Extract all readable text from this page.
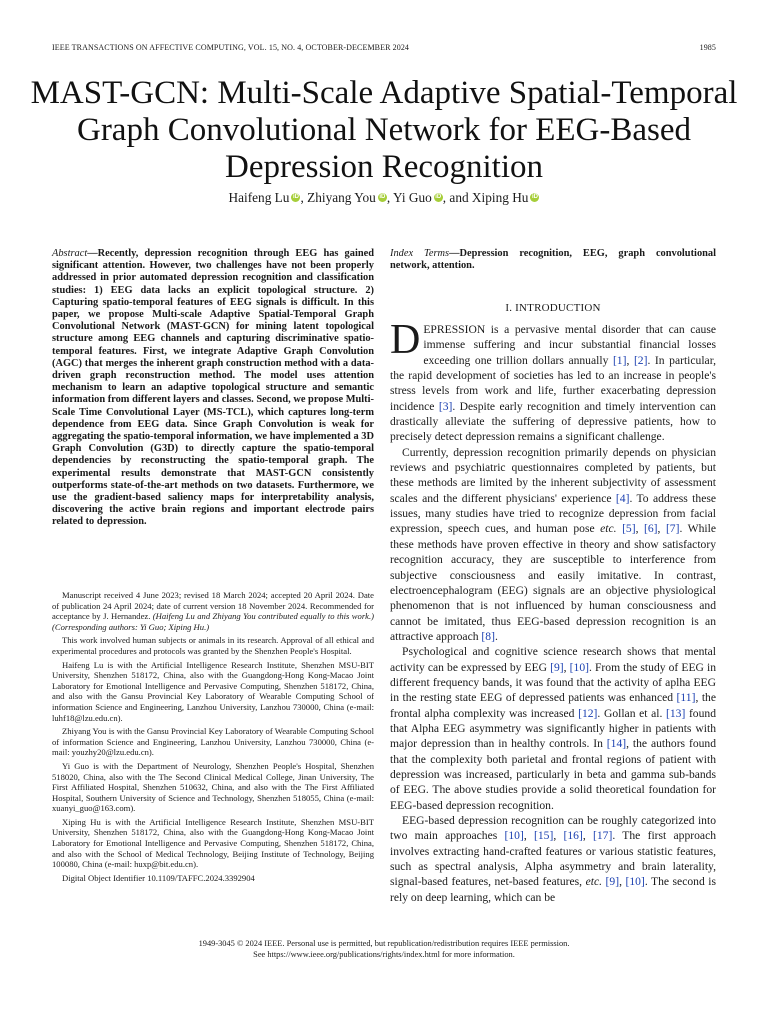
IEEE TRANSACTIONS ON AFFECTIVE COMPUTING, VOL. 15, NO. 4, OCTOBER-DECEMBER 2024	1985
MAST-GCN: Multi-Scale Adaptive Spatial-Temporal
Graph Convolutional Network for EEG-Based
Depression Recognition
Haifeng Lu iD , Zhiyang You iD , Yi Guo iD , and Xiping Hu iD
Abstract—Recently, depression recognition through EEG has gained significant attention. However, two challenges have not been properly addressed in prior automated depression recognition and classification studies: 1) EEG data lacks an explicit topological structure. 2) Capturing spatio-temporal features of EEG signals is difficult. In this paper, we propose Multi-scale Adaptive Spatial-Temporal Graph Convolutional Network (MAST-GCN) for mining latent topological structure among EEG channels and capturing discriminative spatio-temporal features. First, we integrate Adaptive Graph Convolution (AGC) that merges the inherent graph construction method with a data-driven graph reconstruction method. The model uses attention mechanism to learn an adaptive topological structure and semantic information from different layers and classes. Second, we propose Multi-Scale Time Convolutional Layer (MS-TCL), which captures long-term dependence from EEG data. Since Graph Convolution is weak for aggregating the spatio-temporal information, we have implemented a 3D Graph Convolution (G3D) to directly capture the spatio-temporal dependencies by reconstructing the spatio-temporal graph. The experimental results demonstrate that MAST-GCN consistently outperforms state-of-the-art methods on two datasets. Furthermore, we use the gradient-based saliency maps for interpretability analysis, discovering the active brain regions and important electrode pairs related to depression.
Index Terms—Depression recognition, EEG, graph convolutional network, attention.

Manuscript received 4 June 2023; revised 18 March 2024; accepted 20 April 2024. Date of publication 24 April 2024; date of current version 18 November 2024. Recommended for acceptance by J. Hernandez. (Haifeng Lu and Zhiyang You contributed equally to this work.) (Corresponding authors: Yi Guo; Xiping Hu.)

This work involved human subjects or animals in its research. Approval of all ethical and experimental procedures and protocols was granted by the Shenzhen People's Hospital.

Haifeng Lu is with the Artificial Intelligence Research Institute, Shenzhen MSU-BIT University, Shenzhen 518172, China, also with the Guangdong-Hong Kong-Macao Joint Laboratory for Emotional Intelligence and Pervasive Computing, Shenzhen 518172, China, and also with the Gansu Provincial Key Laboratory of Wearable Computing School of information Science and Engineering, Lanzhou University, Lanzhou 730000, China (e-mail: luhf18@lzu.edu.cn).

Zhiyang You is with the Gansu Provincial Key Laboratory of Wearable Computing School of information Science and Engineering, Lanzhou University, Lanzhou 730000, China (e-mail: youzhy20@lzu.edu.cn).

Yi Guo is with the Department of Neurology, Shenzhen People's Hospital, Shenzhen 518020, China, also with the The Second Clinical Medical College, Jinan University, The First Affiliated Hospital, Shenzhen 510632, China, and also with the The First Affiliated Hospital, Southern University of Science and Technology, Shenzhen 518055, China (e-mail: xuanyi_guo@163.com).

Xiping Hu is with the Artificial Intelligence Research Institute, Shenzhen MSU-BIT University, Shenzhen 518172, China, also with the Guangdong-Hong Kong-Macao Joint Laboratory for Emotional Intelligence and Pervasive Computing, Shenzhen 518172, China, and also with the School of Medical Technology, Beijing Institute of Technology, Beijing 100080, China (e-mail: huxp@bit.edu.cn).

Digital Object Identifier 10.1109/TAFFC.2024.3392904

I. INTRODUCTION

DEPRESSION is a pervasive mental disorder that can cause immense suffering and incur substantial financial losses exceeding one trillion dollars annually [1], [2]. In particular, the rapid development of societies has led to an increase in people's stress levels from work and life, further exacerbating depression incidence [3]. Despite early recognition and timely intervention can drastically alleviate the suffering of depressive patients, how to precisely detect depression remains a significant challenge.

Currently, depression recognition primarily depends on physician reviews and psychiatric questionnaires completed by patients, but these methods are limited by the inherent subjectivity of assessment scales and the different physicians' experience [4]. To address these issues, many studies have tried to recognize depression from facial expression, speech cues, and human pose etc. [5], [6], [7]. While these methods have proven effective in theory and show satisfactory recognition accuracy, they are susceptible to interference from subjective consciousness and easily imitative. In contrast, electroencephalogram (EEG) signals are an objective physiological phenomenon that is not influenced by human consciousness and cannot be imitated, thus EEG-based depression recognition is an attractive approach [8].

Psychological and cognitive science research shows that mental activity can be expressed by EEG [9], [10]. From the study of EEG in different frequency bands, it was found that the activity of aplha EEG in the resting state EEG of depressed patients was enhanced [11], the frontal alpha complexity was increased [12]. Gollan et al. [13] found that Alpha EEG asymmetry was significantly higher in patients with major depression than in healthy controls. In [14], the authors found that the complexity both parietal and frontal regions of patient with depression was increased, particularly in beta and gamma sub-bands of EEG. The above studies provide a solid theoretical foundation for EEG-based depression recognition.

EEG-based depression recognition can be roughly categorized into two main approaches [10], [15], [16], [17]. The first approach involves extracting hand-crafted features or various statistic features, such as spectral analysis, Alpha asymmetry and brain laterality, signal-based features, net-based features, etc. [9], [10]. The second is rely on deep learning, which can be

1949-3045 © 2024 IEEE. Personal use is permitted, but republication/redistribution requires IEEE permission.
See https://www.ieee.org/publications/rights/index.html for more information.
